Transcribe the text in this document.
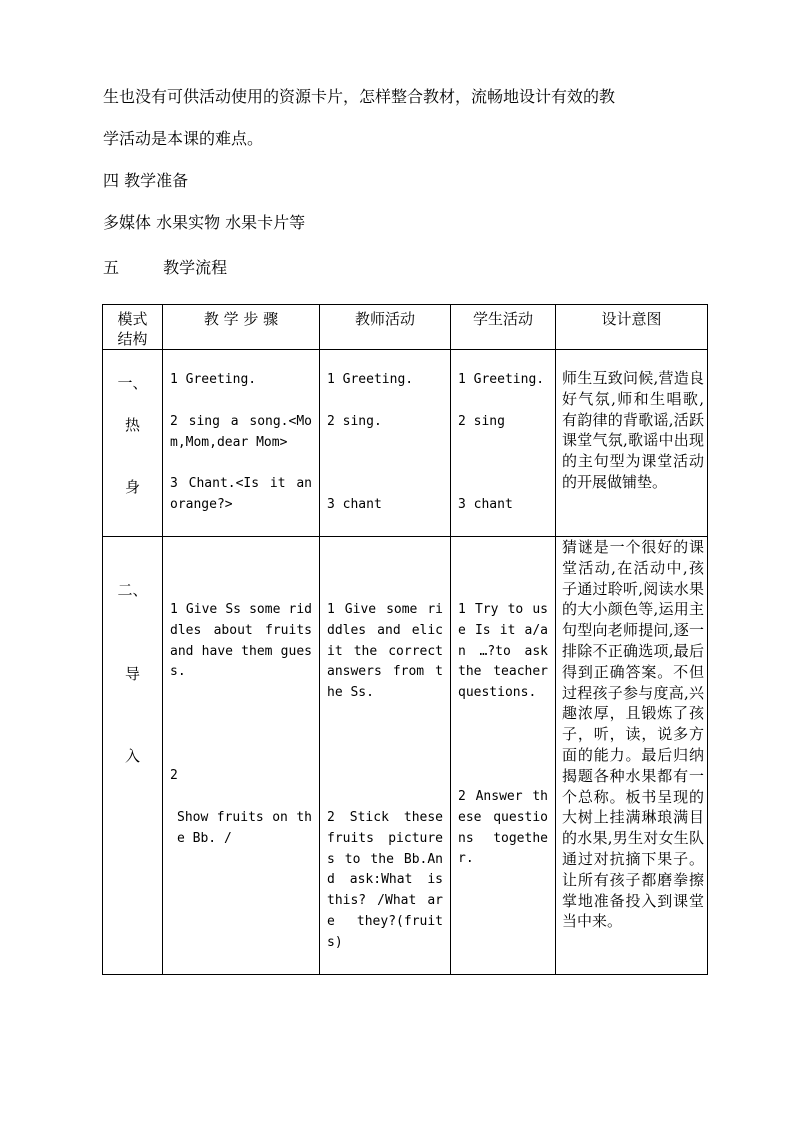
生也没有可供活动使用的资源卡片，怎样整合教材，流畅地设计有效的教
学活动是本课的难点。
四 教学准备
多媒体 水果实物 水果卡片等
五	教学流程
模式结构	教 学 步 骤	教师活动	学生活动	设计意图

一、
热
身	1 Greeting.
2 sing a song.<Mom,Mom,dear Mom>
3 Chant.<Is it an orange?>	1 Greeting.
2 sing.
3 chant	1 Greeting.
2 sing
3 chant	师生互致问候,营造良好气氛,师和生唱歌,有韵律的背歌谣,活跃课堂气氛,歌谣中出现的主句型为课堂活动的开展做铺垫。

二、
导
入	1 Give Ss some riddles about fruits and have them guess.
2
Show fruits on the Bb. /	1 Give some riddles and elicit the correct answers from the Ss.
2 Stick these fruits pictures to the Bb.And ask:What is this? /What are they?(fruits)	1 Try to use Is it a/an …?to ask the teacher questions.
2 Answer these questions together.	猜谜是一个很好的课堂活动,在活动中,孩子通过聆听,阅读水果的大小颜色等,运用主句型向老师提问,逐一排除不正确选项,最后得到正确答案。不但过程孩子参与度高,兴趣浓厚，且锻炼了孩子，听，读，说多方面的能力。最后归纳揭题各种水果都有一个总称。板书呈现的大树上挂满琳琅满目的水果,男生对女生队通过对抗摘下果子。让所有孩子都磨拳擦掌地准备投入到课堂当中来。
